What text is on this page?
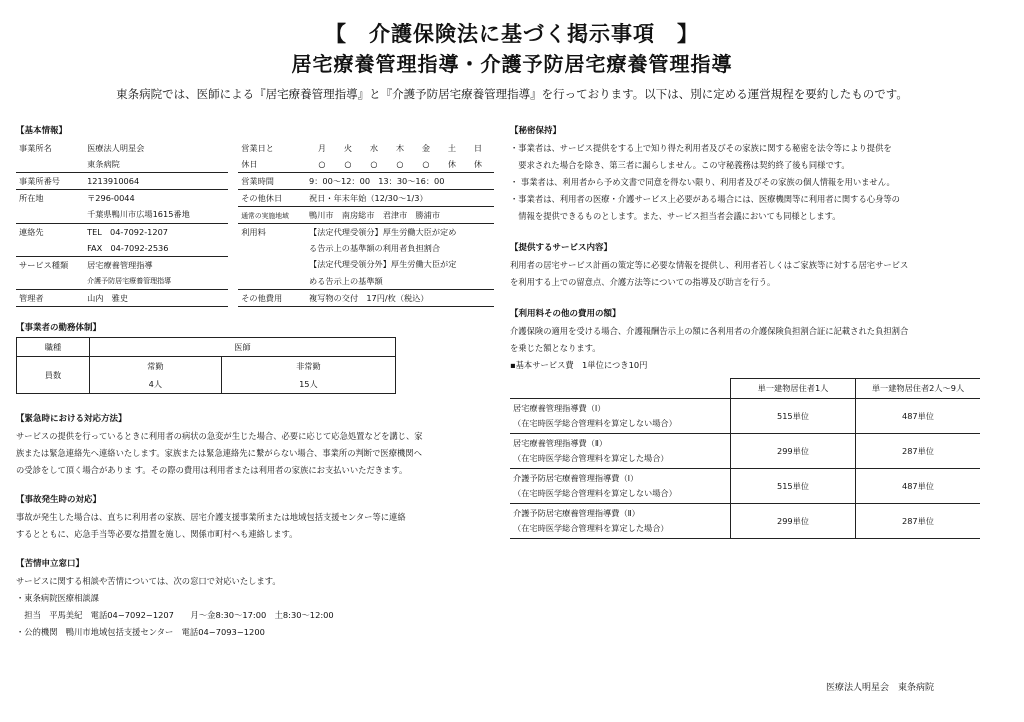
【　介護保険法に基づく掲示事項　】
居宅療養管理指導・介護予防居宅療養管理指導
東条病院では、医師による『居宅療養管理指導』と『介護予防居宅療養管理指導』を行っております。以下は、別に定める運営規程を要約したものです。
【基本情報】
事業所名	医療法人明星会		営業日と	月 火 水 木 金 土 日
	東条病院		休日	○ ○ ○ ○ ○ 休 休
事業所番号	1213910064		営業時間	9：00～12：00　13：30～16：00
所在地	〒296-0044		その他休日	祝日・年末年始（12/30～1/3）
	千葉県鴨川市広場1615番地		通常の実施地域	鴨川市　南房総市　君津市　勝浦市
連絡先	TEL　04-7092-1207		利用料	【法定代理受領分】厚生労働大臣が定め
	FAX　04-7092-2536			る告示上の基準額の利用者負担割合
サービス種類	居宅療養管理指導			【法定代理受領分外】厚生労働大臣が定
	介護予防居宅療養管理指導			める告示上の基準額
管理者	山内　雅史		その他費用	複写物の交付　17円/枚（税込）
【事業者の勤務体制】
職種	医師	
員数	常勤	非常勤
	4人	15人
【緊急時における対応方法】

サービスの提供を行っているときに利用者の病状の急変が生じた場合、必要に応じて応急処置などを講じ、家

族または緊急連絡先へ連絡いたします。家族または緊急連絡先に繋がらない場合、事業所の判断で医療機関へ

の受診をして頂く場合がありま す。その際の費用は利用者または利用者の家族にお支払いいただきます。

【事故発生時の対応】

事故が発生した場合は、直ちに利用者の家族、居宅介護支援事業所または地域包括支援センター等に連絡

するとともに、応急手当等必要な措置を施し、関係市町村へも連絡します。

【苦情申立窓口】

サービスに関する相談や苦情については、次の窓口で対応いたします。

・東条病院医療相談課

　担当　平馬美紀　電話04−7092−1207　　月〜金8:30〜17:00　土8:30〜12:00

・公的機関　鴨川市地域包括支援センター　電話04−7093−1200

【秘密保持】

・事業者は、サービス提供をする上で知り得た利用者及びその家族に関する秘密を法令等により提供を

　要求された場合を除き、第三者に漏らしません。この守秘義務は契約終了後も同様です。

・ 事業者は、利用者から予め文書で同意を得ない限り、利用者及びその家族の個人情報を用いません。

・事業者は、利用者の医療・介護サービス上必要がある場合には、医療機関等に利用者に関する心身等の

　情報を提供できるものとします。また、サービス担当者会議においても同様とします。

【提供するサービス内容】

利用者の居宅サービス計画の策定等に必要な情報を提供し、利用者若しくはご家族等に対する居宅サービス

を利用する上での留意点、介護方法等についての指導及び助言を行う。

【利用料その他の費用の額】

介護保険の適用を受ける場合、介護報酬告示上の額に各利用者の介護保険負担割合証に記載された負担割合

を乗じた額となります。

▪基本サービス費　1単位につき10円

	単一建物居住者1人	単一建物居住者2人〜9人

居宅療養管理指導費（Ⅰ）
（在宅時医学総合管理料を算定しない場合）	515単位	487単位

居宅療養管理指導費（Ⅱ）
（在宅時医学総合管理料を算定した場合）	299単位	287単位

介護予防居宅療養管理指導費（Ⅰ）
（在宅時医学総合管理料を算定しない場合）	515単位	487単位

介護予防居宅療養管理指導費（Ⅱ）
（在宅時医学総合管理料を算定した場合）	299単位	287単位
医療法人明星会　東条病院
